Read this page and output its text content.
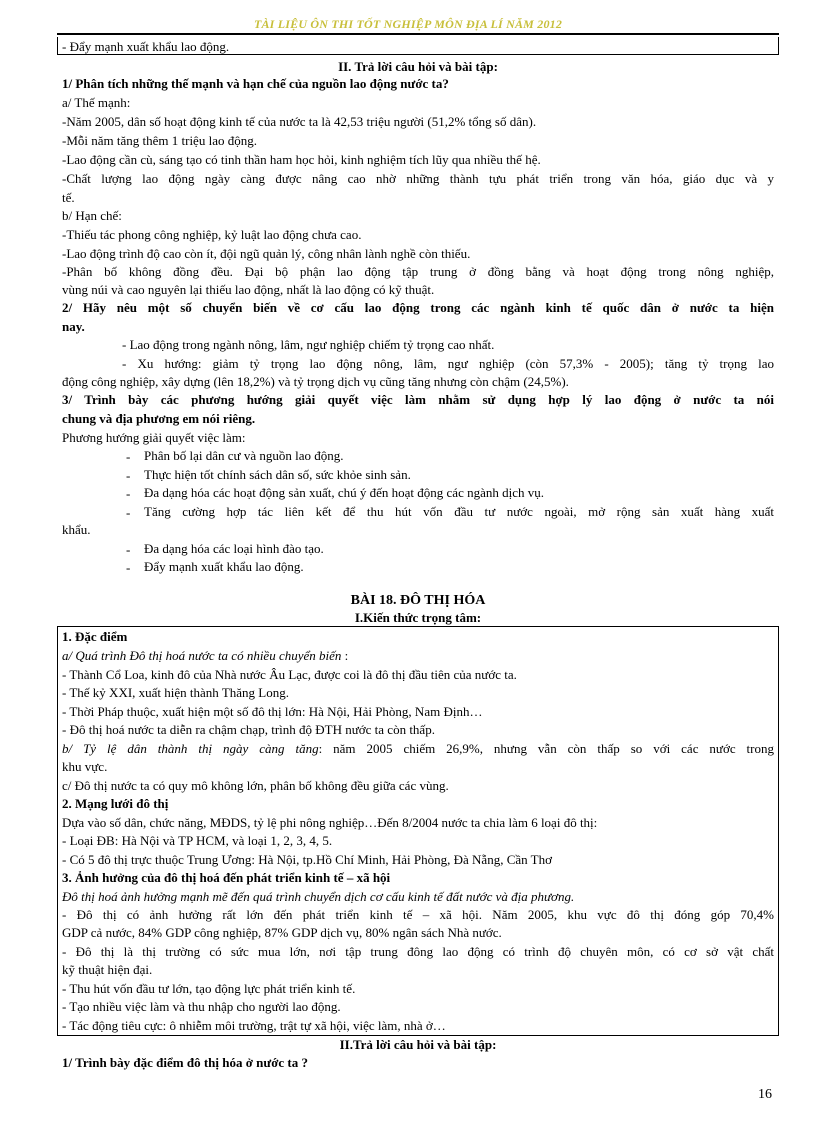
TÀI LIỆU ÔN THI TỐT NGHIỆP MÔN ĐỊA LÍ NĂM 2012
- Đẩy mạnh xuất khẩu lao động.
II. Trả lời câu hỏi và bài tập:
1/ Phân tích những thế mạnh và hạn chế của nguồn lao động nước ta?
a/ Thế mạnh:
-Năm 2005, dân số hoạt động kinh tế của nước ta là 42,53 triệu người (51,2% tổng số dân).
-Mỗi năm tăng thêm 1 triệu lao động.
-Lao động cần cù, sáng tạo có tinh thần ham học hỏi, kinh nghiệm tích lũy qua nhiều thế hệ.
-Chất lượng lao động ngày càng được nâng cao nhờ những thành tựu phát triển trong văn hóa, giáo dục và y
tế.
b/ Hạn chế:
-Thiếu tác phong công nghiệp, kỷ luật lao động chưa cao.
-Lao động trình độ cao còn ít, đội ngũ quản lý, công nhân lành nghề còn thiếu.
-Phân bố không đồng đều. Đại bộ phận lao động tập trung ở đồng bằng và hoạt động trong nông nghiệp,
vùng núi và cao nguyên lại thiếu lao động, nhất là lao động có kỹ thuật.
2/ Hãy nêu một số chuyển biến về cơ cấu lao động trong các ngành kinh tế quốc dân ở nước ta hiện
nay.
- Lao động trong ngành nông, lâm, ngư nghiệp chiếm tỷ trọng cao nhất.
- Xu hướng: giảm tỷ trọng lao động nông, lâm, ngư nghiệp (còn 57,3% - 2005); tăng tỷ trọng lao
động công nghiệp, xây dựng (lên 18,2%) và tỷ trọng dịch vụ cũng tăng nhưng còn chậm (24,5%).
3/ Trình bày các phương hướng giải quyết việc làm nhằm sử dụng hợp lý lao động ở nước ta nói
chung và địa phương em nói riêng.
Phương hướng giải quyết việc làm:
- Phân bố lại dân cư và nguồn lao động.
- Thực hiện tốt chính sách dân số, sức khỏe sinh sản.
- Đa dạng hóa các hoạt động sản xuất, chú ý đến hoạt động các ngành dịch vụ.
- Tăng cường hợp tác liên kết để thu hút vốn đầu tư nước ngoài, mở rộng sản xuất hàng xuất
khẩu.
- Đa dạng hóa các loại hình đào tạo.
- Đẩy mạnh xuất khẩu lao động.
BÀI 18. ĐÔ THỊ HÓA
I.Kiến thức trọng tâm:
1. Đặc điểm
a/ Quá trình Đô thị hoá nước ta có nhiều chuyển biến :
- Thành Cổ Loa, kinh đô của Nhà nước Âu Lạc, được coi là đô thị đầu tiên của nước ta.
- Thế kỷ XXI, xuất hiện thành Thăng Long.
- Thời Pháp thuộc, xuất hiện một số đô thị lớn: Hà Nội, Hải Phòng, Nam Định…
- Đô thị hoá nước ta diễn ra chậm chạp, trình độ ĐTH nước ta còn thấp.
b/ Tỷ lệ dân thành thị ngày càng tăng: năm 2005 chiếm 26,9%, nhưng vẫn còn thấp so với các nước trong
khu vực.
c/ Đô thị nước ta có quy mô không lớn, phân bố không đều giữa các vùng.
2. Mạng lưới đô thị
Dựa vào số dân, chức năng, MĐDS, tỷ lệ phi nông nghiệp…Đến 8/2004 nước ta chia làm 6 loại đô thị:
- Loại ĐB: Hà Nội và TP HCM, và loại 1, 2, 3, 4, 5.
- Có 5 đô thị trực thuộc Trung Ương: Hà Nội, tp.Hồ Chí Minh, Hải Phòng, Đà Nẵng, Cần Thơ
3. Ảnh hưởng của đô thị hoá đến phát triển kinh tế – xã hội
Đô thị hoá ảnh hưởng mạnh mẽ đến quá trình chuyển dịch cơ cấu kinh tế đất nước và địa phương.
- Đô thị có ảnh hưởng rất lớn đến phát triển kinh tế – xã hội. Năm 2005, khu vực đô thị đóng góp 70,4%
GDP cả nước, 84% GDP công nghiệp, 87% GDP dịch vụ, 80% ngân sách Nhà nước.
- Đô thị là thị trường có sức mua lớn, nơi tập trung đông lao động có trình độ chuyên môn, có cơ sở vật chất
kỹ thuật hiện đại.
- Thu hút vốn đầu tư lớn, tạo động lực phát triển kinh tế.
- Tạo nhiều việc làm và thu nhập cho người lao động.
- Tác động tiêu cực: ô nhiễm môi trường, trật tự xã hội, việc làm, nhà ở…
II.Trả lời câu hỏi và bài tập:
1/ Trình bày đặc điểm đô thị hóa ở nước ta ?
16
